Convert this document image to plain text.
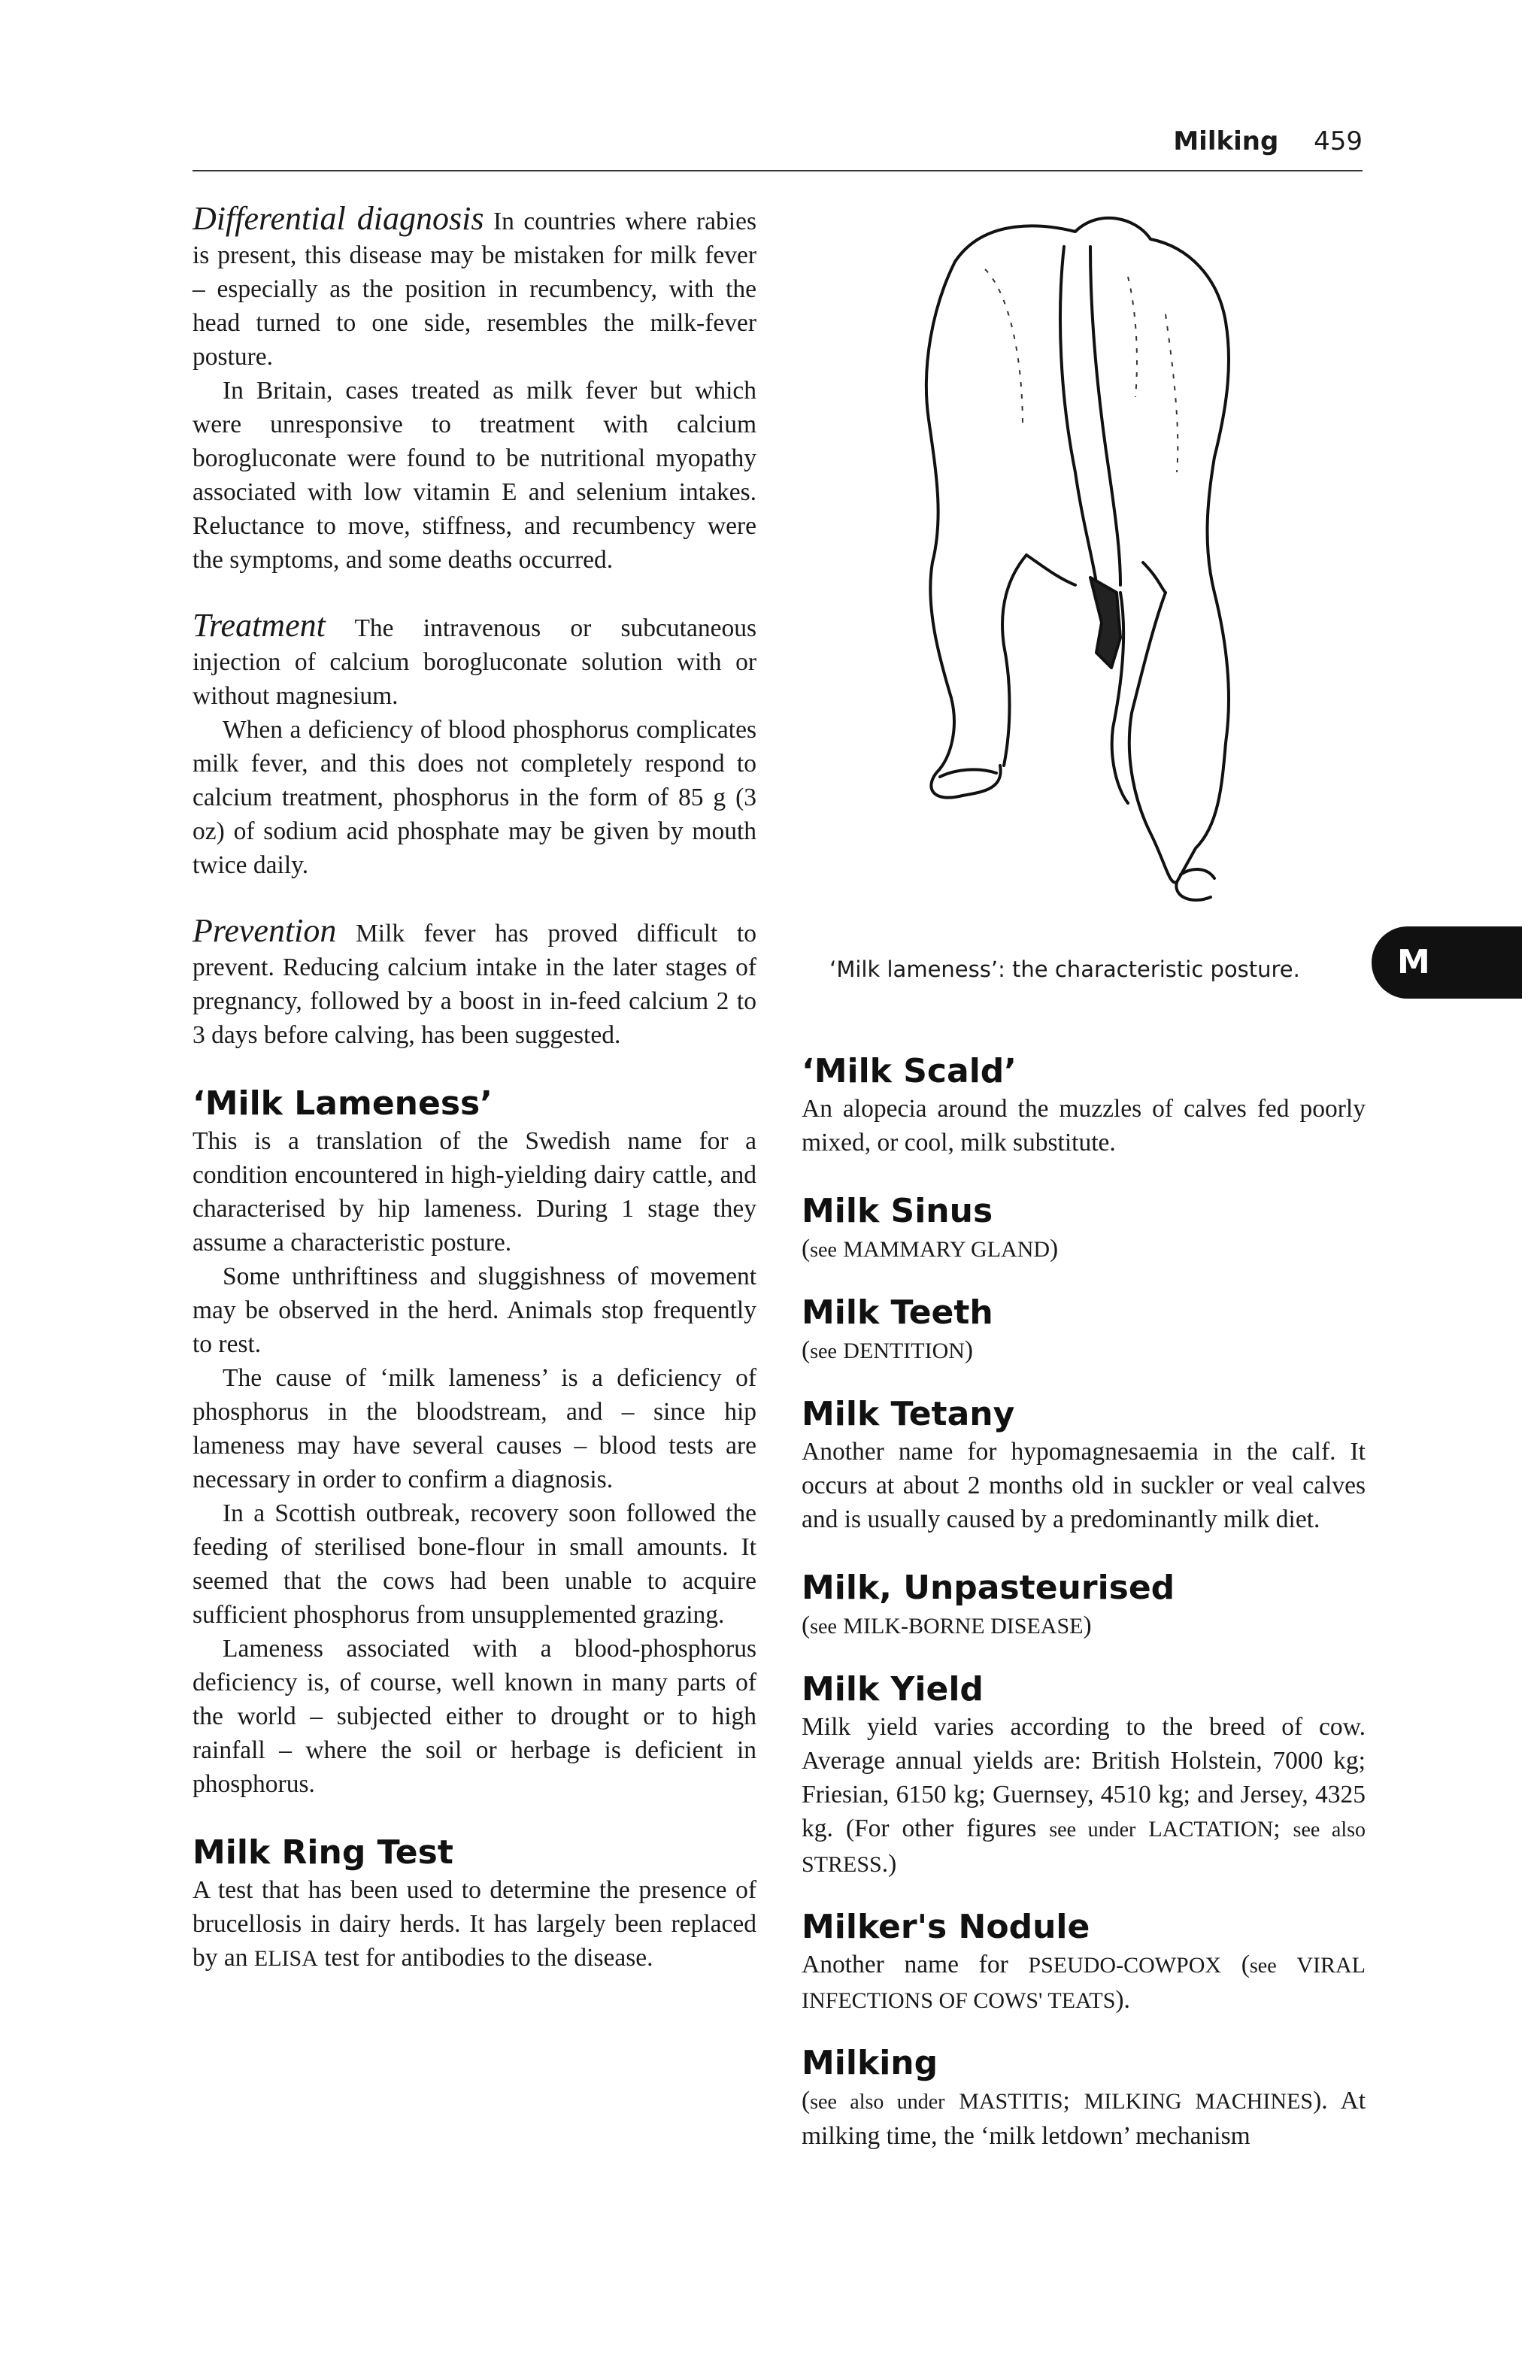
Milking 459

Differential diagnosis In countries where rabies is present, this disease may be mistaken for milk fever – especially as the position in recumbency, with the head turned to one side, resembles the milk-fever posture.

In Britain, cases treated as milk fever but which were unresponsive to treatment with calcium borogluconate were found to be nutritional myopathy associated with low vitamin E and selenium intakes. Reluctance to move, stiffness, and recumbency were the symptoms, and some deaths occurred.

Treatment The intravenous or subcutaneous injection of calcium borogluconate solution with or without magnesium.

When a deficiency of blood phosphorus complicates milk fever, and this does not completely respond to calcium treatment, phosphorus in the form of 85 g (3 oz) of sodium acid phosphate may be given by mouth twice daily.

Prevention Milk fever has proved difficult to prevent. Reducing calcium intake in the later stages of pregnancy, followed by a boost in in-feed calcium 2 to 3 days before calving, has been suggested.

‘Milk Lameness’

This is a translation of the Swedish name for a condition encountered in high-yielding dairy cattle, and characterised by hip lameness. During 1 stage they assume a characteristic posture.

Some unthriftiness and sluggishness of movement may be observed in the herd. Animals stop frequently to rest.

The cause of ‘milk lameness’ is a deficiency of phosphorus in the bloodstream, and – since hip lameness may have several causes – blood tests are necessary in order to confirm a diagnosis.

In a Scottish outbreak, recovery soon followed the feeding of sterilised bone-flour in small amounts. It seemed that the cows had been unable to acquire sufficient phosphorus from unsupplemented grazing.

Lameness associated with a blood-phosphorus deficiency is, of course, well known in many parts of the world – subjected either to drought or to high rainfall – where the soil or herbage is deficient in phosphorus.

Milk Ring Test

A test that has been used to determine the presence of brucellosis in dairy herds. It has largely been replaced by an ELISA test for antibodies to the disease.

‘Milk lameness’: the characteristic posture.	M
‘Milk Scald’

An alopecia around the muzzles of calves fed poorly mixed, or cool, milk substitute.

Milk Sinus

(see MAMMARY GLAND)

Milk Teeth

(see DENTITION)

Milk Tetany

Another name for hypomagnesaemia in the calf. It occurs at about 2 months old in suckler or veal calves and is usually caused by a predominantly milk diet.

Milk, Unpasteurised

(see MILK-BORNE DISEASE)

Milk Yield

Milk yield varies according to the breed of cow. Average annual yields are: British Holstein, 7000 kg; Friesian, 6150 kg; Guernsey, 4510 kg; and Jersey, 4325 kg. (For other figures see under LACTATION; see also STRESS.)

Milker's Nodule

Another name for PSEUDO-COWPOX (see VIRAL INFECTIONS OF COWS' TEATS).

Milking

(see also under MASTITIS; MILKING MACHINES). At milking time, the ‘milk letdown’ mechanism
